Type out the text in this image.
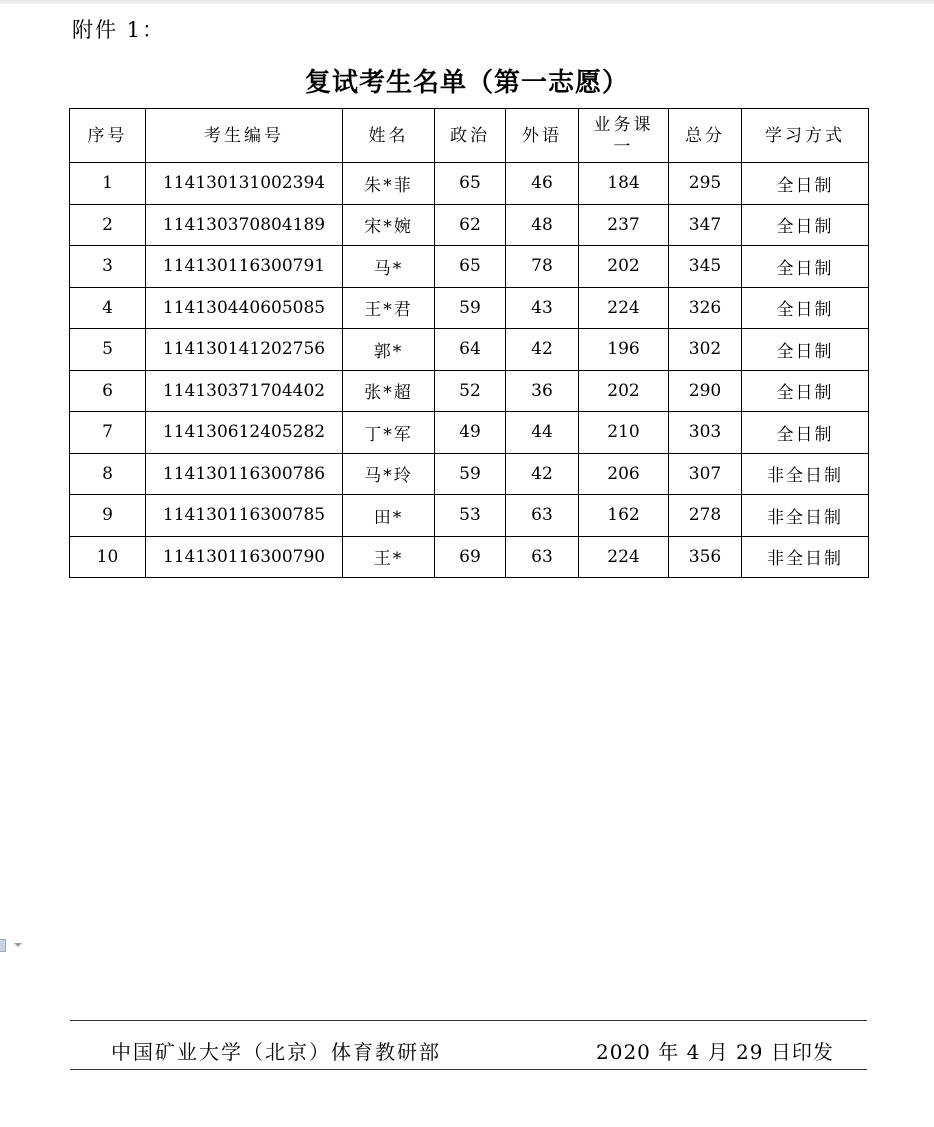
附件 1：
复试考生名单（第一志愿）
序号	考生编号	姓名	政治	外语	业务课一	总分	学习方式
1	114130131002394	朱*菲	65	46	184	295	全日制
2	114130370804189	宋*婉	62	48	237	347	全日制
3	114130116300791	马*	65	78	202	345	全日制
4	114130440605085	王*君	59	43	224	326	全日制
5	114130141202756	郭*	64	42	196	302	全日制
6	114130371704402	张*超	52	36	202	290	全日制
7	114130612405282	丁*军	49	44	210	303	全日制
8	114130116300786	马*玲	59	42	206	307	非全日制
9	114130116300785	田*	53	63	162	278	非全日制
10	114130116300790	王*	69	63	224	356	非全日制
中国矿业大学（北京）体育教研部	2020 年 4 月 29 日印发
